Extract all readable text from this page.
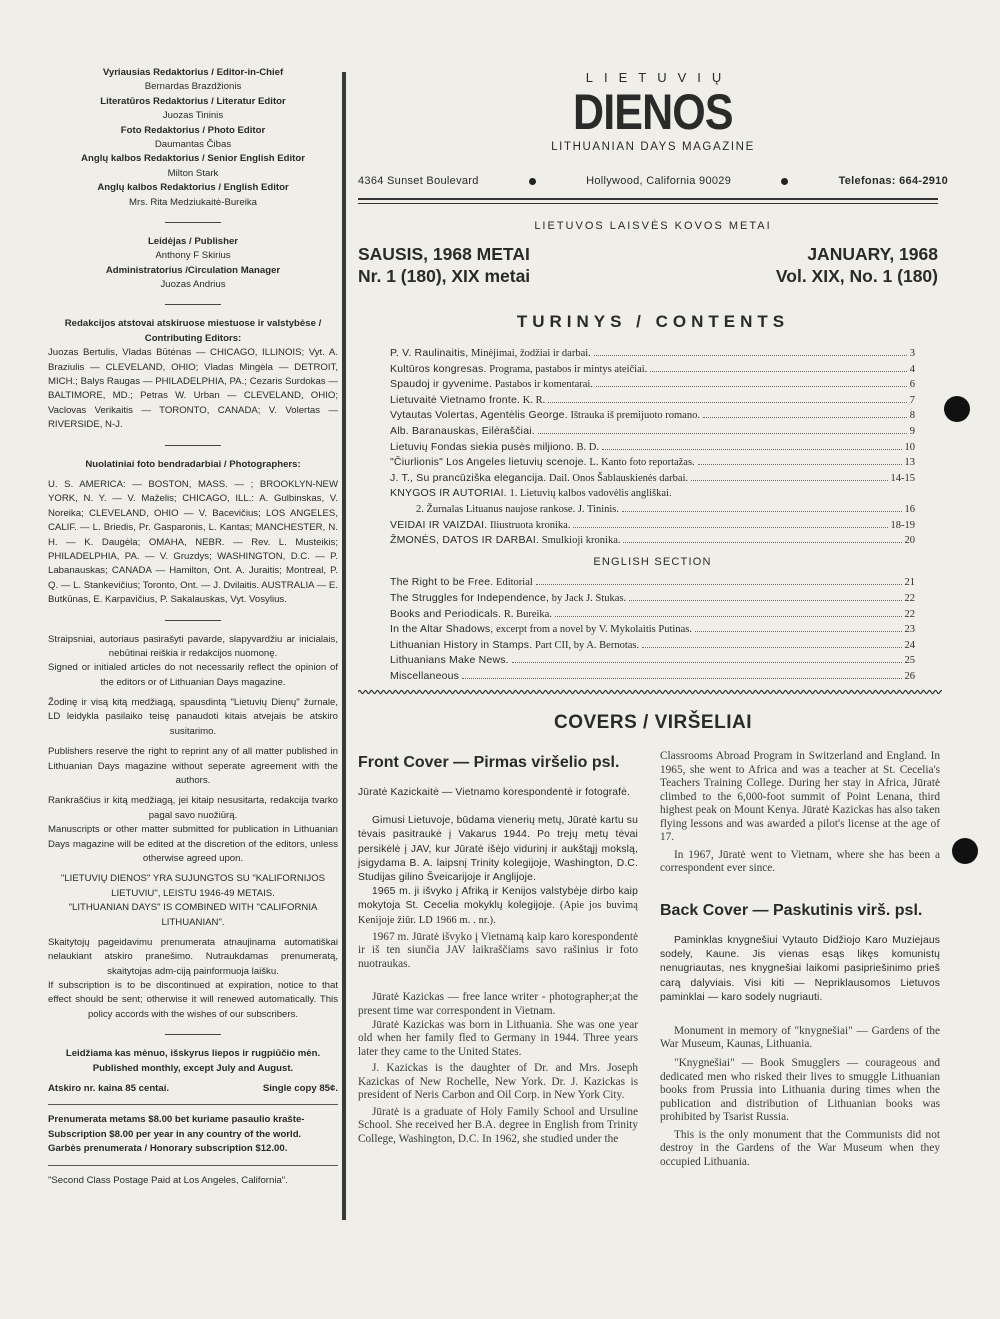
Vyriausias Redaktorius / Editor-in-Chief

Bernardas Brazdžionis

Literatūros Redaktorius / Literatur Editor

Juozas Tininis

Foto Redaktorius / Photo Editor

Daumantas Čibas

Anglų kalbos Redaktorius / Senior English Editor

Milton Stark

Anglų kalbos Redaktorius / English Editor

Mrs. Rita Medziukaitė-Bureika

Leidėjas / Publisher

Anthony F Skirius

Administratorius /Circulation Manager

Juozas Andrius

Redakcijos atstovai atskiruose miestuose ir valstybėse / Contributing Editors:

Juozas Bertulis, Vladas Būtėnas — CHICAGO, ILLINOIS; Vyt. A. Braziulis — CLEVELAND, OHIO; Vladas Mingėla — DETROIT, MICH.; Balys Raugas — PHILADELPHIA, PA.; Cezaris Surdokas — BALTIMORE, MD.; Petras W. Urban — CLEVELAND, OHIO; Vaclovas Verikaitis — TORONTO, CANADA; V. Volertas — RIVERSIDE, N-J.

Nuolatiniai foto bendradarbiai / Photographers:

U. S. AMERICA: — BOSTON, MASS. — ; BROOKLYN-NEW YORK, N. Y. — V. Maželis; CHICAGO, ILL.: A. Gulbinskas, V. Noreika; CLEVELAND, OHIO — V. Bacevičius; LOS ANGELES, CALIF. — L. Briedis, Pr. Gasparonis, L. Kantas; MANCHESTER, N. H. — K. Daugėla; OMAHA, NEBR. — Rev. L. Musteikis; PHILADELPHIA, PA. — V. Gruzdys; WASHINGTON, D.C. — P. Labanauskas; CANADA — Hamilton, Ont. A. Juraitis; Montreal, P. Q. — L. Stankevičius; Toronto, Ont. — J. Dvilaitis. AUSTRALIA — E. Butkūnas, E. Karpavičius, P. Sakalauskas, Vyt. Vosylius.

Straipsniai, autoriaus pasirašyti pavarde, slapyvardžiu ar inicialais, nebūtinai reiškia ir redakcijos nuomonę.

Signed or initialed articles do not necessarily reflect the opinion of the editors or of Lithuanian Days magazine.

Žodinę ir visą kitą medžiagą, spausdintą "Lietuvių Dienų" žurnale, LD leidykla pasilaiko teisę panaudoti kitais atvejais be atskiro susitarimo.

Publishers reserve the right to reprint any of all matter published in Lithuanian Days magazine without seperate agreement with the authors.

Rankraščius ir kitą medžiagą, jei kitaip nesusitarta, redakcija tvarko pagal savo nuožiūrą.

Manuscripts or other matter submitted for publication in Lithuanian Days magazine will be edited at the discretion of the editors, unless otherwise agreed upon.

"LIETUVIŲ DIENOS" YRA SUJUNGTOS SU "KALIFORNIJOS LIETUVIU", LEISTU 1946-49 METAIS.

"LITHUANIAN DAYS" IS COMBINED WITH "CALIFORNIA LITHUANIAN".

Skaitytojų pageidavimu prenumerata atnaujinama automatiškai nelaukiant atskiro pranešimo. Nutraukdamas prenumeratą, skaitytojas adm-ciją painformuoja laišku.

If subscription is to be discontinued at expiration, notice to that effect should be sent; otherwise it will renewed automatically. This policy accords with the wishes of our subscribers.

Leidžiama kas mėnuo, išskyrus liepos ir rugpiūčio mėn.

Published monthly, except July and August.

Atskiro nr. kaina 85 centai.	Single copy 85¢.

Prenumerata metams $8.00 bet kuriame pasaulio krašte-

Subscription $8.00 per year in any country of the world.

Garbės prenumerata / Honorary subscription $12.00.

"Second Class Postage Paid at Los Angeles, California".

LIETUVIŲ
DIENOS
LITHUANIAN DAYS MAGAZINE
4364 Sunset Boulevard	Hollywood, California 90029	Telefonas: 664-2910
LIETUVOS LAISVĖS KOVOS METAI
SAUSIS, 1968 METAI	JANUARY, 1968
Nr. 1 (180), XIX metai	Vol. XIX, No. 1 (180)
TURINYS / CONTENTS
P. V. Raulinaitis, Minėjimai, žodžiai ir darbai.	3
Kultūros kongresas. Programa, pastabos ir mintys ateičiai.	4
Spaudoj ir gyvenime. Pastabos ir komentarai.	6
Lietuvaitė Vietnamo fronte. K. R.	7
Vytautas Volertas, Agentėlis George. Ištrauka iš premijuoto romano.	8
Alb. Baranauskas, Eilėraščiai.	9
Lietuvių Fondas siekia pusės miljiono. B. D.	10
"Čiurlionis" Los Angeles lietuvių scenoje. L. Kanto foto reportažas.	13
J. T., Su prancūziška elegancija. Dail. Onos Šablauskienės darbai.	14-15
KNYGOS IR AUTORIAI. 1. Lietuvių kalbos vadovėlis angliškai.
2. Žurnalas Lituanus naujose rankose. J. Tininis.	16
VEIDAI IR VAIZDAI. Iliustruota kronika.	18-19
ŽMONĖS, DATOS IR DARBAI. Smulkioji kronika.	20
ENGLISH SECTION
The Right to be Free. Editorial	21
The Struggles for Independence, by Jack J. Stukas.	22
Books and Periodicals. R. Bureika.	22
In the Altar Shadows, excerpt from a novel by V. Mykolaitis Putinas.	23
Lithuanian History in Stamps. Part CII, by A. Bernotas.	24
Lithuanians Make News.	25
Miscellaneous	26
COVERS / VIRŠELIAI
Front Cover — Pirmas viršelio psl.

Jūratė Kazickaitė — Vietnamo korespondentė ir fotografė.

Gimusi Lietuvoje, būdama vienerių metų, Jūratė kartu su tėvais pasitraukė į Vakarus 1944. Po trejų metų tėvai persikėlė į JAV, kur Jūratė išėjo vidurinį ir aukštąjį mokslą, įsigydama B. A. laipsnį Trinity kolegijoje, Washington, D.C. Studijas gilino Šveicarijoje ir Anglijoje.

1965 m. ji išvyko į Afriką ir Kenijos valstybėje dirbo kaip mokytoja St. Cecelia mokyklų kolegijoje. (Apie jos buvimą Kenijoje žiūr. LD 1966 m. . nr.).

1967 m. Jūratė išvyko į Vietnamą kaip karo korespondentė ir iš ten siunčia JAV laikraščiams savo rašinius ir foto nuotraukas.

Jūratė Kazickas — free lance writer - photographer;at the present time war correspondent in Vietnam.

Jūratė Kazickas was born in Lithuania. She was one year old when her family fled to Germany in 1944. Three years later they came to the United States.

J. Kazickas is the daughter of Dr. and Mrs. Joseph Kazickas of New Rochelle, New York. Dr. J. Kazickas is president of Neris Carbon and Oil Corp. in New York City.

Jūratė is a graduate of Holy Family School and Ursuline School. She received her B.A. degree in English from Trinity College, Washington, D.C. In 1962, she studied under the

Classrooms Abroad Program in Switzerland and England. In 1965, she went to Africa and was a teacher at St. Cecelia's Teachers Training College. During her stay in Africa, Jūratė climbed to the 6,000-foot summit of Point Lenana, third highest peak on Mount Kenya. Jūratė Kazickas has also taken flying lessons and was awarded a pilot's license at the age of 17.

In 1967, Jūratė went to Vietnam, where she has been a correspondent ever since.

Back Cover — Paskutinis virš. psl.

Paminklas knygnešiui Vytauto Didžiojo Karo Muziejaus sodely, Kaune. Jis vienas esąs likęs komunistų nenugriautas, nes knygnešiai laikomi pasipriešinimo prieš carą dalyviais. Visi kiti — Nepriklausomos Lietuvos paminklai — karo sodely nugriauti.

Monument in memory of "knygnešiai" — Gardens of the War Museum, Kaunas, Lithuania.

"Knygnešiai" — Book Smugglers — courageous and dedicated men who risked their lives to smuggle Lithuanian books from Prussia into Lithuania during times when the publication and distribution of Lithuanian books was prohibited by Tsarist Russia.

This is the only monument that the Communists did not destroy in the Gardens of the War Museum when they occupied Lithuania.
